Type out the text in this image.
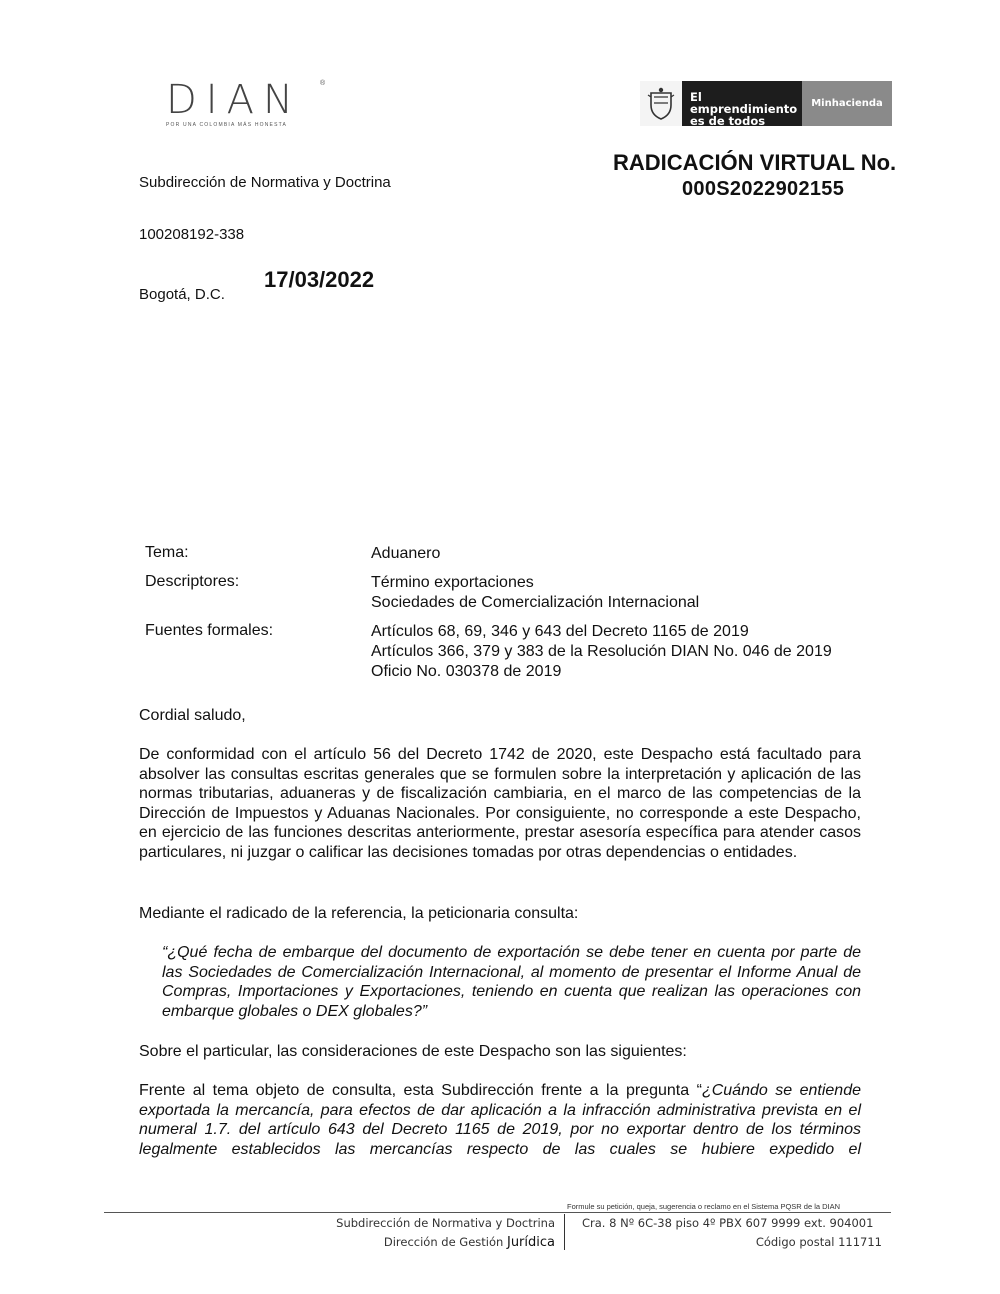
DIAN	®
POR UNA COLOMBIA MÁS HONESTA
El emprendimiento
es de todos
Minhacienda
RADICACIÓN VIRTUAL No.
000S2022902155
Subdirección de Normativa y Doctrina
100208192-338
Bogotá, D.C.
17/03/2022
Tema:	Aduanero
Descriptores:	Término exportaciones
Sociedades de Comercialización Internacional
Fuentes formales:	Artículos 68, 69, 346 y 643 del Decreto 1165 de 2019
Artículos 366, 379 y 383 de la Resolución DIAN No. 046 de 2019
Oficio No. 030378 de 2019
Cordial saludo,
De conformidad con el artículo 56 del Decreto 1742 de 2020, este Despacho está facultado para absolver las consultas escritas generales que se formulen sobre la interpretación y aplicación de las normas tributarias, aduaneras y de fiscalización cambiaria, en el marco de las competencias de la Dirección de Impuestos y Aduanas Nacionales. Por consiguiente, no corresponde a este Despacho, en ejercicio de las funciones descritas anteriormente, prestar asesoría específica para atender casos particulares, ni juzgar o calificar las decisiones tomadas por otras dependencias o entidades.
Mediante el radicado de la referencia, la peticionaria consulta:
“¿Qué fecha de embarque del documento de exportación se debe tener en cuenta por parte de las Sociedades de Comercialización Internacional, al momento de presentar el Informe Anual de Compras, Importaciones y Exportaciones, teniendo en cuenta que realizan las operaciones con embarque globales o DEX globales?”
Sobre el particular, las consideraciones de este Despacho son las siguientes:
Frente al tema objeto de consulta, esta Subdirección frente a la pregunta “¿Cuándo se entiende exportada la mercancía, para efectos de dar aplicación a la infracción administrativa prevista en el numeral 1.7. del artículo 643 del Decreto 1165 de 2019, por no exportar dentro de los términos legalmente establecidos las mercancías respecto de las cuales se hubiere expedido el
Formule su petición, queja, sugerencia o reclamo en el Sistema PQSR de la DIAN
Subdirección de Normativa y Doctrina
Dirección de Gestión Jurídica
Cra. 8 Nº 6C-38 piso 4º PBX 607 9999 ext. 904001
Código postal 111711
